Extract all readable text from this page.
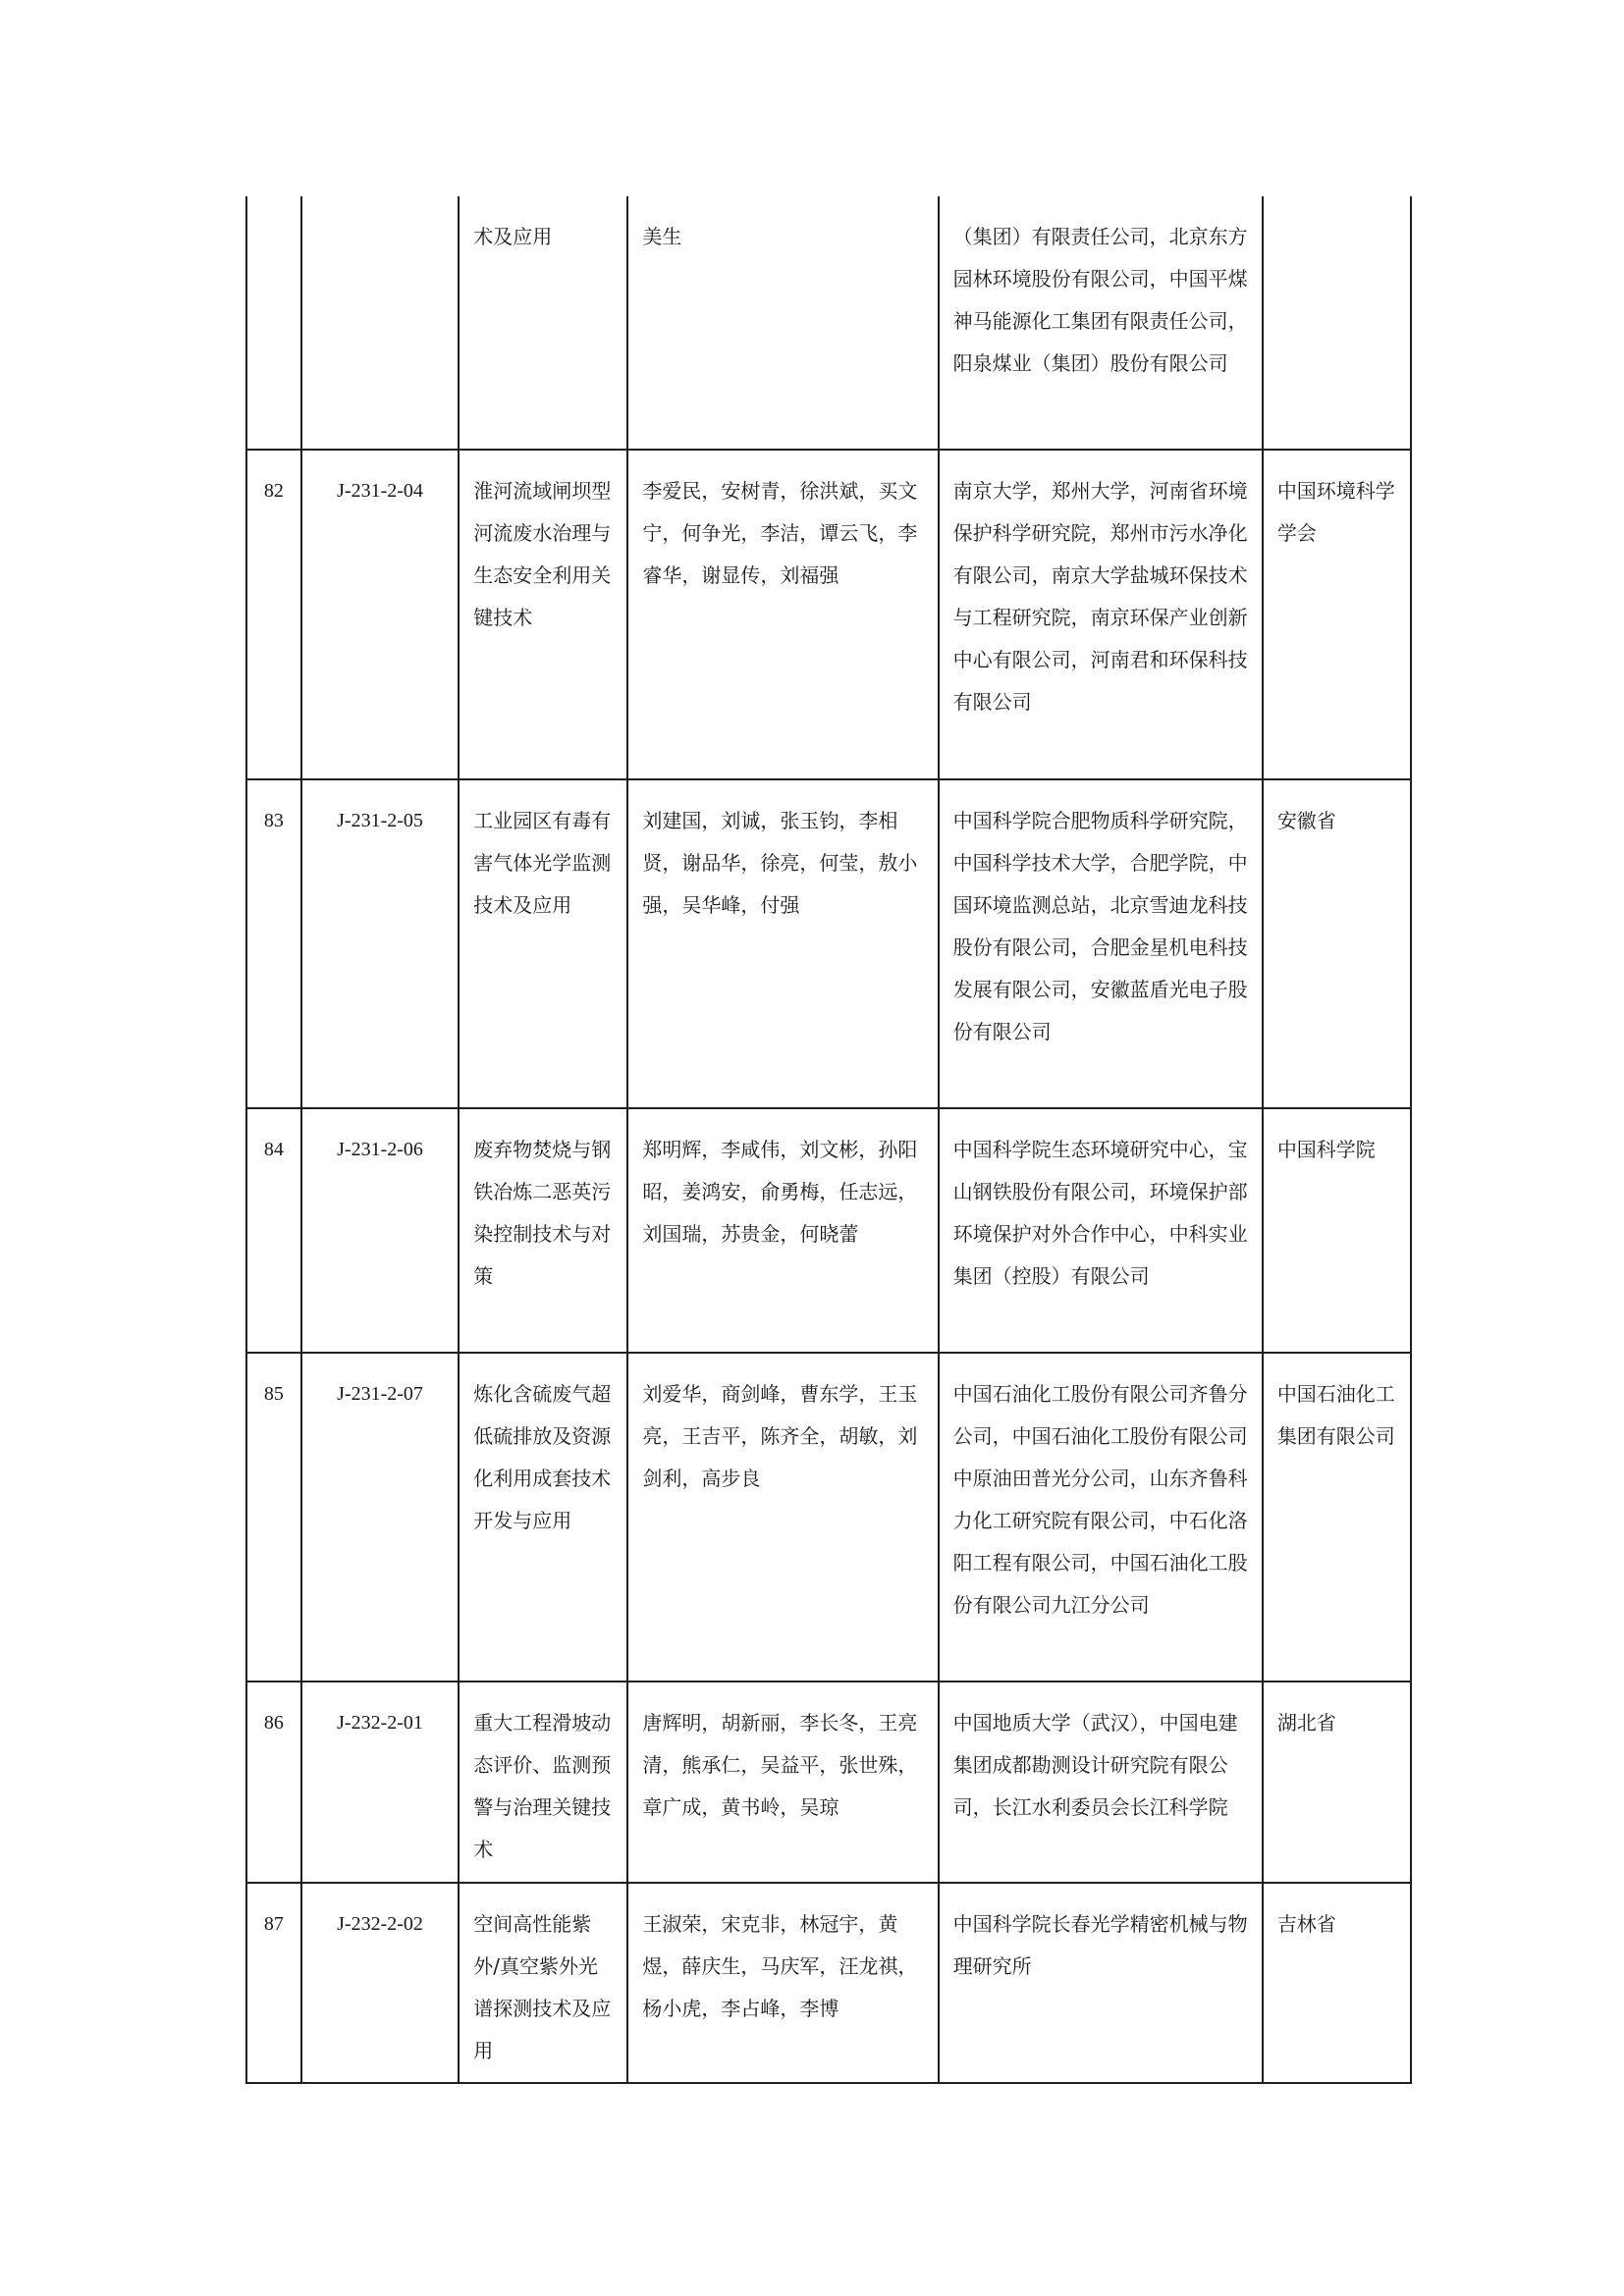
		术及应用	美生	（集团）有限责任公司，北京东方园林环境股份有限公司，中国平煤神马能源化工集团有限责任公司，阳泉煤业（集团）股份有限公司	
82	J-231-2-04	淮河流域闸坝型河流废水治理与生态安全利用关键技术	李爱民，安树青，徐洪斌，买文宁，何争光，李洁，谭云飞，李睿华，谢显传，刘福强	南京大学，郑州大学，河南省环境保护科学研究院，郑州市污水净化有限公司，南京大学盐城环保技术与工程研究院，南京环保产业创新中心有限公司，河南君和环保科技有限公司	中国环境科学学会
83	J-231-2-05	工业园区有毒有害气体光学监测技术及应用	刘建国，刘诚，张玉钧，李相贤，谢品华，徐亮，何莹，敖小强，吴华峰，付强	中国科学院合肥物质科学研究院，中国科学技术大学，合肥学院，中国环境监测总站，北京雪迪龙科技股份有限公司，合肥金星机电科技发展有限公司，安徽蓝盾光电子股份有限公司	安徽省
84	J-231-2-06	废弃物焚烧与钢铁冶炼二恶英污染控制技术与对策	郑明辉，李咸伟，刘文彬，孙阳昭，姜鸿安，俞勇梅，任志远，刘国瑞，苏贵金，何晓蕾	中国科学院生态环境研究中心，宝山钢铁股份有限公司，环境保护部环境保护对外合作中心，中科实业集团（控股）有限公司	中国科学院
85	J-231-2-07	炼化含硫废气超低硫排放及资源化利用成套技术开发与应用	刘爱华，商剑峰，曹东学，王玉亮，王吉平，陈齐全，胡敏，刘剑利，高步良	中国石油化工股份有限公司齐鲁分公司，中国石油化工股份有限公司中原油田普光分公司，山东齐鲁科力化工研究院有限公司，中石化洛阳工程有限公司，中国石油化工股份有限公司九江分公司	中国石油化工集团有限公司
86	J-232-2-01	重大工程滑坡动态评价、监测预警与治理关键技术	唐辉明，胡新丽，李长冬，王亮清，熊承仁，吴益平，张世殊，章广成，黄书岭，吴琼	中国地质大学（武汉），中国电建集团成都勘测设计研究院有限公司，长江水利委员会长江科学院	湖北省
87	J-232-2-02	空间高性能紫外/真空紫外光谱探测技术及应用	王淑荣，宋克非，林冠宇，黄煜，薛庆生，马庆军，汪龙祺，杨小虎，李占峰，李博	中国科学院长春光学精密机械与物理研究所	吉林省
